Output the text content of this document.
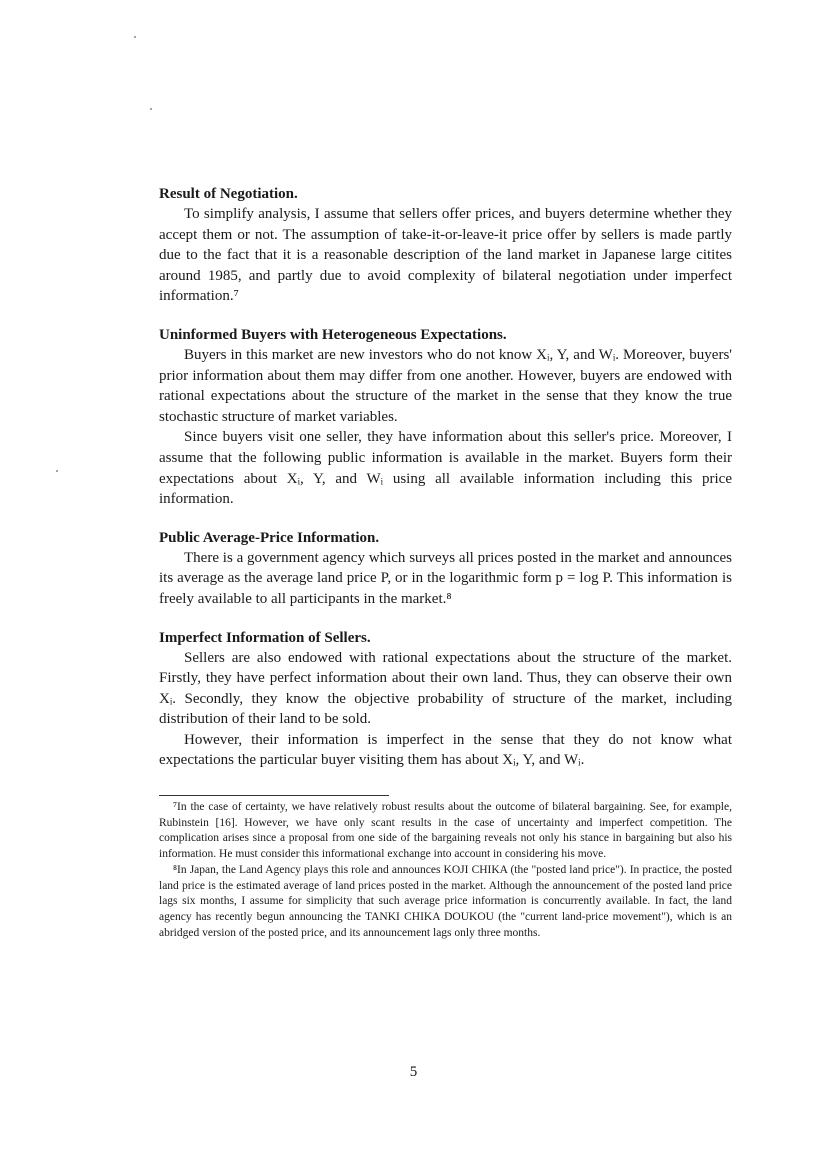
Result of Negotiation.

To simplify analysis, I assume that sellers offer prices, and buyers determine whether they accept them or not. The assumption of take-it-or-leave-it price offer by sellers is made partly due to the fact that it is a reasonable description of the land market in Japanese large citites around 1985, and partly due to avoid complexity of bilateral negotiation under imperfect information.⁷

Uninformed Buyers with Heterogeneous Expectations.

Buyers in this market are new investors who do not know Xᵢ, Y, and Wᵢ. Moreover, buyers' prior information about them may differ from one another. However, buyers are endowed with rational expectations about the structure of the market in the sense that they know the true stochastic structure of market variables.

Since buyers visit one seller, they have information about this seller's price. Moreover, I assume that the following public information is available in the market. Buyers form their expectations about Xᵢ, Y, and Wᵢ using all available information including this price information.

Public Average-Price Information.

There is a government agency which surveys all prices posted in the market and announces its average as the average land price P, or in the logarithmic form p = log P. This information is freely available to all participants in the market.⁸

Imperfect Information of Sellers.

Sellers are also endowed with rational expectations about the structure of the market. Firstly, they have perfect information about their own land. Thus, they can observe their own Xᵢ. Secondly, they know the objective probability of structure of the market, including distribution of their land to be sold.

However, their information is imperfect in the sense that they do not know what expectations the particular buyer visiting them has about Xᵢ, Y, and Wᵢ.

⁷In the case of certainty, we have relatively robust results about the outcome of bilateral bargaining. See, for example, Rubinstein [16]. However, we have only scant results in the case of uncertainty and imperfect competition. The complication arises since a proposal from one side of the bargaining reveals not only his stance in bargaining but also his information. He must consider this informational exchange into account in considering his move.

⁸In Japan, the Land Agency plays this role and announces KOJI CHIKA (the "posted land price"). In practice, the posted land price is the estimated average of land prices posted in the market. Although the announcement of the posted land price lags six months, I assume for simplicity that such average price information is concurrently available. In fact, the land agency has recently begun announcing the TANKI CHIKA DOUKOU (the "current land-price movement"), which is an abridged version of the posted price, and its announcement lags only three months.

5
